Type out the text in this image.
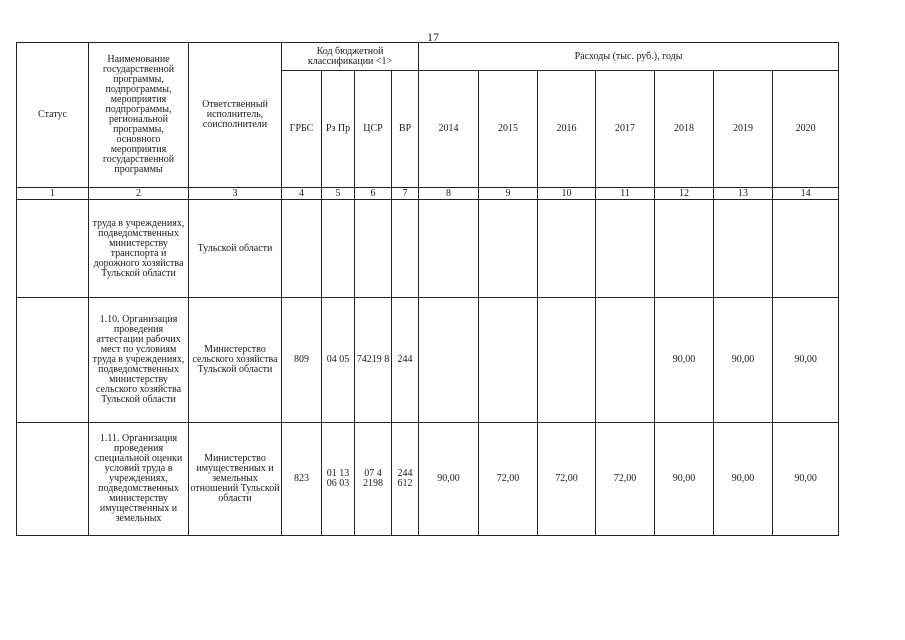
17
Статус	Наименование государственной программы, подпрограммы, мероприятия подпрограммы, региональной программы, основного мероприятия государственной программы	Ответственный исполнитель, соисполнители	Код бюджетной классификации <1>				Расходы (тыс. руб.), годы						
			ГРБС	Рз Пр	ЦСР	ВР	2014	2015	2016	2017	2018	2019	2020
1	2	3	4	5	6	7	8	9	10	11	12	13	14
	труда в учреждениях, подведомственных министерству транспорта и дорожного хозяйства Тульской области	Тульской области											
	1.10. Организация проведения аттестации рабочих мест по условиям труда в учреждениях, подведомственных министерству сельского хозяйства Тульской области	Министерство сельского хозяйства Тульской области	809	04 05	74219 8	244					90,00	90,00	90,00
	1.11. Организация проведения специальной оценки условий труда в учреждениях, подведомственных министерству имущественных и земельных	Министерство имущественных и земельных отношений Тульской области	823	01 13 06 03	07 4 2198	244 612	90,00	72,00	72,00	72,00	90,00	90,00	90,00
